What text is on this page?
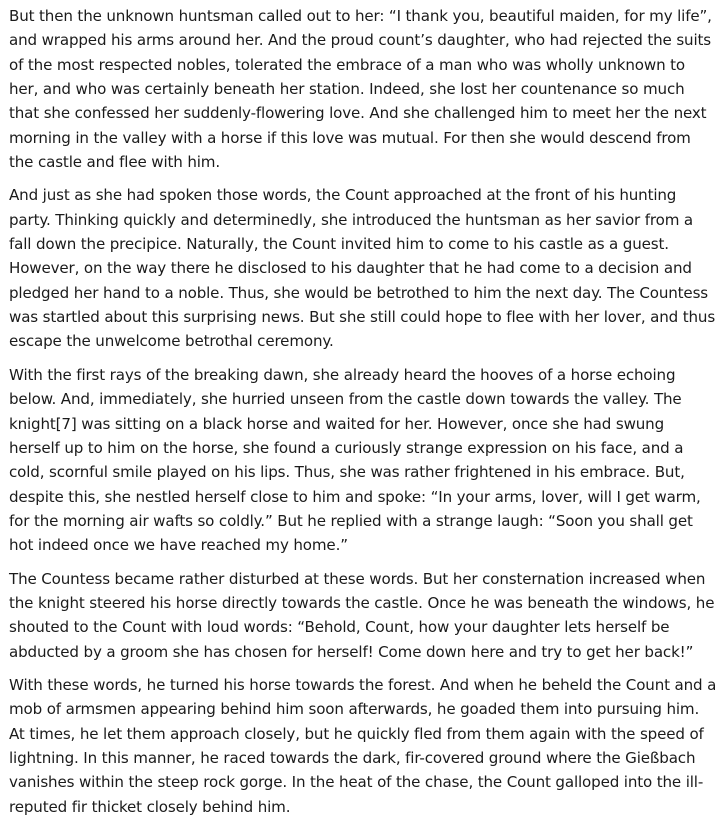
But then the unknown huntsman called out to her: “I thank you, beautiful maiden, for my life”, and wrapped his arms around her. And the proud count’s daughter, who had rejected the suits of the most respected nobles, tolerated the embrace of a man who was wholly unknown to her, and who was certainly beneath her station. Indeed, she lost her countenance so much that she confessed her suddenly-flowering love. And she challenged him to meet her the next morning in the valley with a horse if this love was mutual. For then she would descend from the castle and flee with him.

And just as she had spoken those words, the Count approached at the front of his hunting party. Thinking quickly and determinedly, she introduced the huntsman as her savior from a fall down the precipice. Naturally, the Count invited him to come to his castle as a guest. However, on the way there he disclosed to his daughter that he had come to a decision and pledged her hand to a noble. Thus, she would be betrothed to him the next day. The Countess was startled about this surprising news. But she still could hope to flee with her lover, and thus escape the unwelcome betrothal ceremony.

With the first rays of the breaking dawn, she already heard the hooves of a horse echoing below. And, immediately, she hurried unseen from the castle down towards the valley. The knight[7] was sitting on a black horse and waited for her. However, once she had swung herself up to him on the horse, she found a curiously strange expression on his face, and a cold, scornful smile played on his lips. Thus, she was rather frightened in his embrace. But, despite this, she nestled herself close to him and spoke: “In your arms, lover, will I get warm, for the morning air wafts so coldly.” But he replied with a strange laugh: “Soon you shall get hot indeed once we have reached my home.”

The Countess became rather disturbed at these words. But her consternation increased when the knight steered his horse directly towards the castle. Once he was beneath the windows, he shouted to the Count with loud words: “Behold, Count, how your daughter lets herself be abducted by a groom she has chosen for herself! Come down here and try to get her back!”

With these words, he turned his horse towards the forest. And when he beheld the Count and a mob of armsmen appearing behind him soon afterwards, he goaded them into pursuing him. At times, he let them approach closely, but he quickly fled from them again with the speed of lightning. In this manner, he raced towards the dark, fir-covered ground where the Gießbach vanishes within the steep rock gorge. In the heat of the chase, the Count galloped into the ill-reputed fir thicket closely behind him.
